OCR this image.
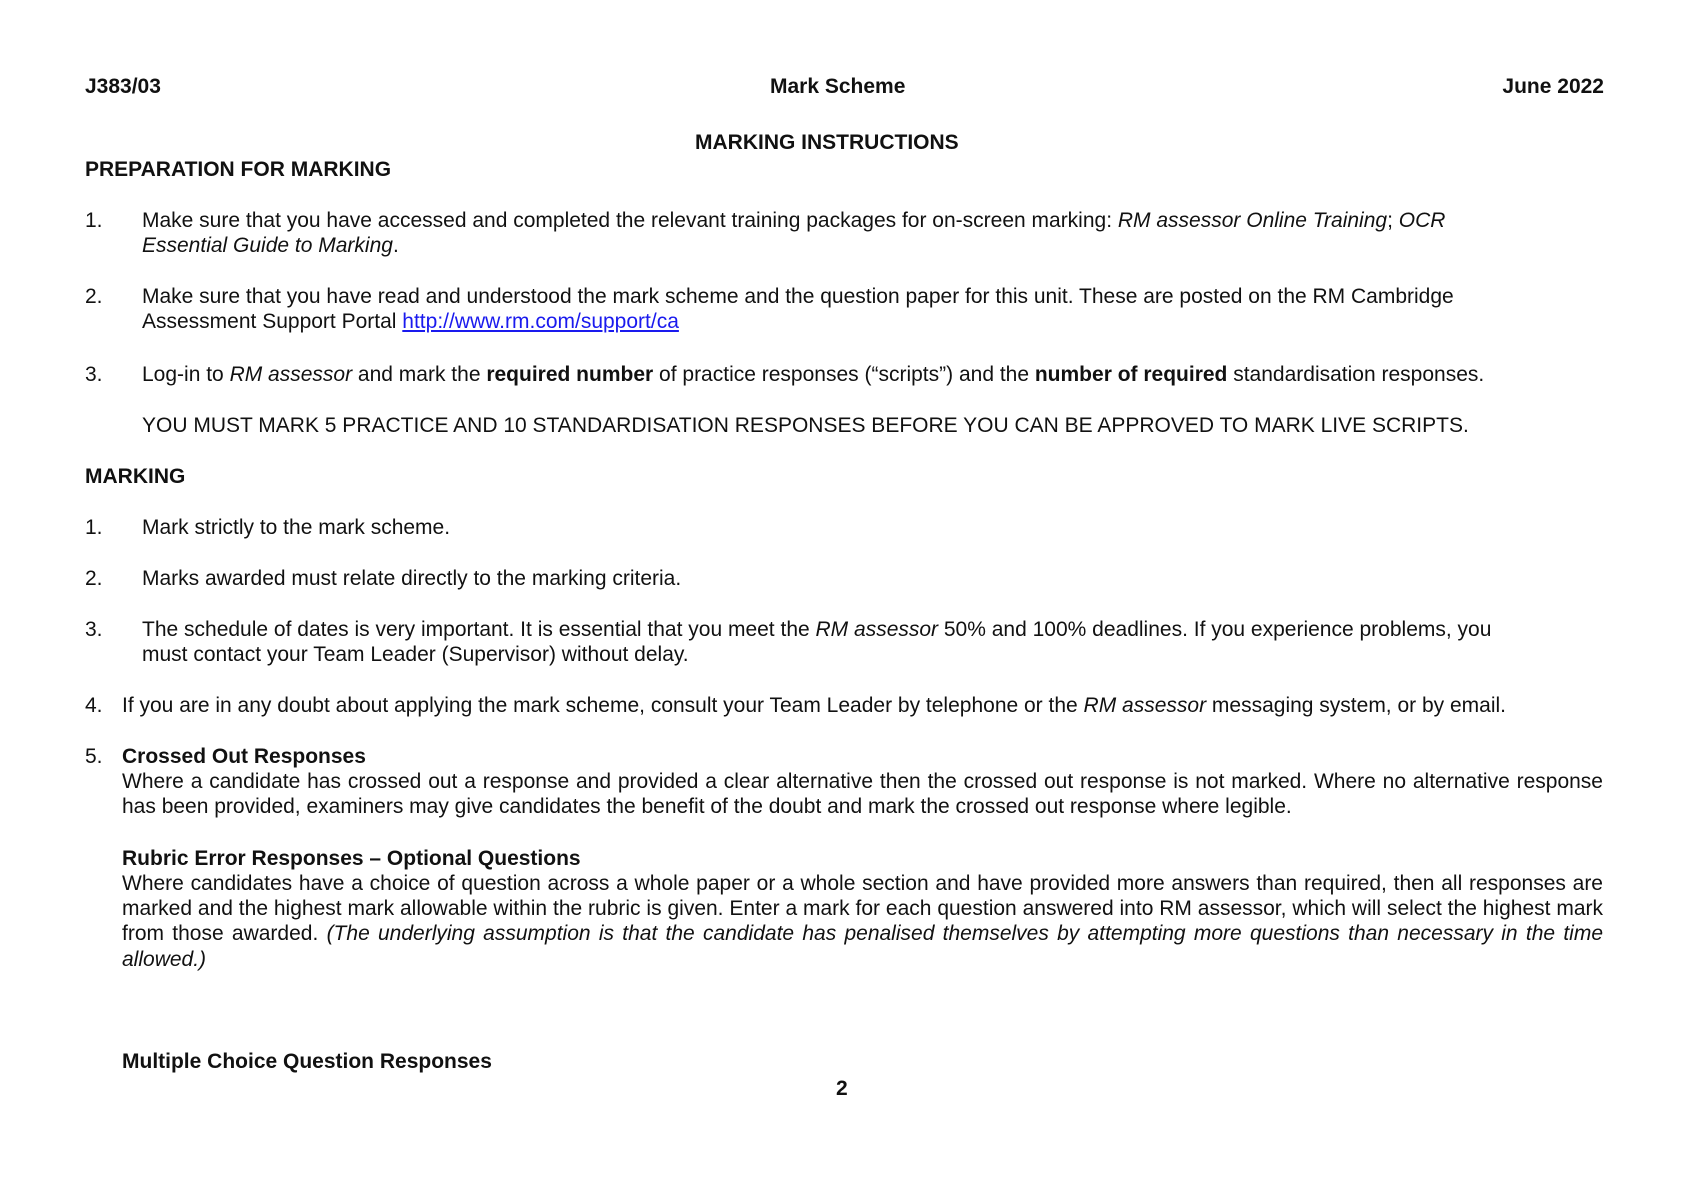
J383/03	Mark Scheme	June 2022
MARKING INSTRUCTIONS
PREPARATION FOR MARKING
1. Make sure that you have accessed and completed the relevant training packages for on-screen marking: RM assessor Online Training; OCR
Essential Guide to Marking.
2. Make sure that you have read and understood the mark scheme and the question paper for this unit. These are posted on the RM Cambridge
Assessment Support Portal http://www.rm.com/support/ca
3. Log-in to RM assessor and mark the required number of practice responses (“scripts”) and the number of required standardisation responses.
YOU MUST MARK 5 PRACTICE AND 10 STANDARDISATION RESPONSES BEFORE YOU CAN BE APPROVED TO MARK LIVE SCRIPTS.
MARKING
1. Mark strictly to the mark scheme.
2. Marks awarded must relate directly to the marking criteria.
3. The schedule of dates is very important. It is essential that you meet the RM assessor 50% and 100% deadlines. If you experience problems, you
must contact your Team Leader (Supervisor) without delay.
4. If you are in any doubt about applying the mark scheme, consult your Team Leader by telephone or the RM assessor messaging system, or by email.
5. Crossed Out Responses
Where a candidate has crossed out a response and provided a clear alternative then the crossed out response is not marked. Where no alternative response has been provided, examiners may give candidates the benefit of the doubt and mark the crossed out response where legible.
Rubric Error Responses – Optional Questions
Where candidates have a choice of question across a whole paper or a whole section and have provided more answers than required, then all responses are marked and the highest mark allowable within the rubric is given. Enter a mark for each question answered into RM assessor, which will select the highest mark from those awarded. (The underlying assumption is that the candidate has penalised themselves by attempting more questions than necessary in the time allowed.)
Multiple Choice Question Responses
2
